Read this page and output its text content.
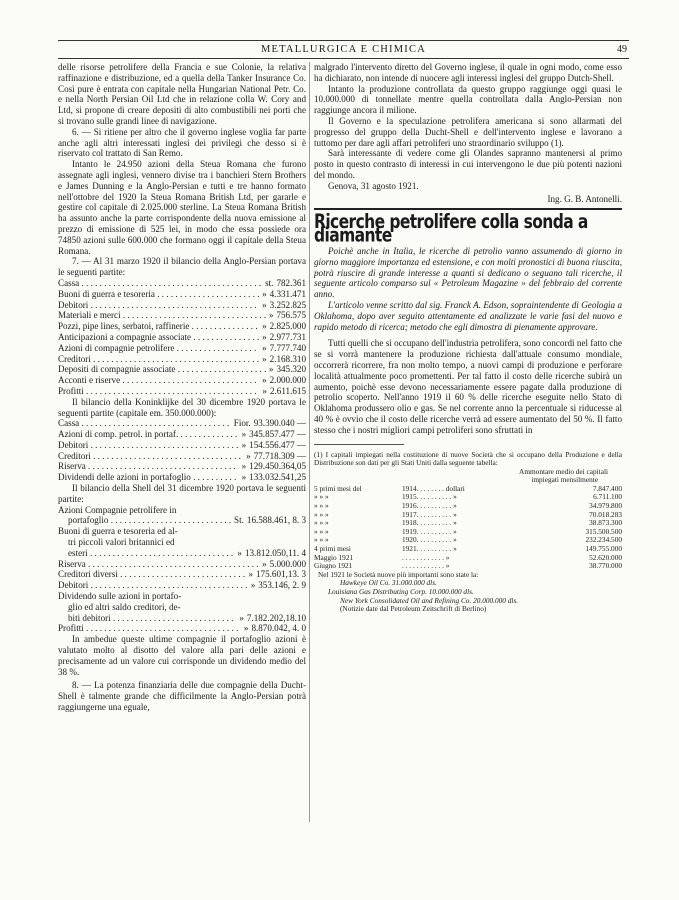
METALLURGICA E CHIMICA	49

delle risorse petrolifere della Francia e sue Colonie, la relativa raffinazione e distribuzione, ed a quella della Tanker Insurance Co. Così pure è entrata con capitale nella Hungarian National Petr. Co. e nella North Persian Oil Ltd che in relazione colla W. Cory and Ltd, si propone di creare depositi di alto combustibili nei porti che si trovano sulle grandi linee di navigazione.

6. — Si ritiene per altro che il governo inglese voglia far parte anche agli altri interessati inglesi dei privilegi che desso si è riservato col trattato di San Remo.

Intanto le 24.950 azioni della Steua Romana che furono assegnate agli inglesi, vennero divise tra i banchieri Stern Brothers e James Dunning e la Anglo-Persian e tutti e tre hanno formato nell'ottobre del 1920 la Steua Romana British Ltd, per gararle e gestire col capitale di 2.025.000 sterline. La Steua Romana British ha assunto anche la parte corrispondente della nuova emissione al prezzo di emissione di 525 lei, in modo che essa possiede ora 74850 azioni sulle 600.000 che formano oggi il capitale della Steua Romana.

7. — Al 31 marzo 1920 il bilancio della Anglo-Persian portava le seguenti partite:

Cassa . . .	st. 782.361
Buoni di guerra e tesoreria . . .	» 4.331.471
Debitori . . .	» 3.252.825
Materiali e merci . . .	» 756.575
Pozzi, pipe lines, serbatoi, raffinerie . . .	» 2.825.000
Anticipazioni a compagnie associate . . .	» 2.977.731
Azioni di compagnie petrolifere . . .	» 7.777.740
Creditori . . .	» 2.168.310
Depositi di compagnie associate . . .	» 345.320
Acconti e riserve . . .	» 2.000.000
Profitti . . .	» 2.611.615

Il bilancio della Koninklijke del 30 dicembre 1920 portava le seguenti partite (capitale em. 350.000.000):

Cassa . . .	Fior. 93.390.040 —
Azioni di comp. petrol. in portaf. . . .	» 345.857.477 —
Debitori . . .	» 154.556.477 —
Creditori . . .	» 77.718.309 —
Riserva . . .	» 129.450.364,05
Dividendi delle azioni in portafoglio . . .	» 133.032.541,25

Il bilancio della Shell del 31 dicembre 1920 portava le seguenti partite:

Azioni Compagnie petrolifere in
portafoglio . . .	St. 16.588.461, 8. 3
Buoni di guerra e tesoreria ed al-
tri piccoli valori britannici ed
esteri . . .	» 13.812.050,11. 4
Riserva . . .	» 5.000.000
Creditori diversi . . .	» 175.601,13. 3
Debitori . . .	» 353.146, 2. 9
Dividendo sulle azioni in portafo-
glio ed altri saldo creditori, de-
biti debitori . . .	» 7.182.202,18.10
Profitti . . .	» 8.870.042, 4. 0

In ambedue queste ultime compagnie il portafoglio azioni è valutato molto al disotto del valore alla pari delle azioni e precisamente ad un valore cui corrisponde un dividendo medio del 38 %.

8. — La potenza finanziaria delle due compagnie della Ducht-Shell è talmente grande che difficilmente la Anglo-Persian potrà raggiungerne una eguale,

malgrado l'intervento diretto del Governo inglese, il quale in ogni modo, come esso ha dichiarato, non intende di nuocere agli interessi inglesi del gruppo Dutch-Shell.

Intanto la produzione controllata da questo gruppo raggiunge oggi quasi le 10.000.000 di tonnellate mentre quella controllata dalla Anglo-Persian non raggiunge ancora il milione.

Il Governo e la speculazione petrolifera americana si sono allarmati del progresso del gruppo della Ducht-Shell e dell'intervento inglese e lavorano a tuttomo per dare agli affari petroliferi uno straordinario sviluppo (1).

Sarà interessante di vedere come gli Olandes sapranno mantenersi al primo posto in questo contrasto di interessi in cui intervengono le due più potenti nazioni del mondo.

Genova, 31 agosto 1921.

Ing. G. B. Antonelli.
Ricerche petrolifere colla sonda a diamante

Poichè anche in Italia, le ricerche di petrolio vanno assumendo di giorno in giorno maggiore importanza ed estensione, e con molti pronostici di buona riuscita, potrà riuscire di grande interesse a quanti si dedicano o seguano tali ricerche, il seguente articolo comparso sul « Petroleum Magazine » del febbraio del corrente anno.

L'articolo venne scritto dal sig. Franck A. Edson, sopraintendente di Geologia a Oklahoma, dopo aver seguito attentamente ed analizzate le varie fasi del nuovo e rapido metodo di ricerca; metodo che egli dimostra di pienamente approvare.

Tutti quelli che si occupano dell'industria petrolifera, sono concordi nel fatto che se si vorrà mantenere la produzione richiesta dall'attuale consumo mondiale, occorrerà ricorrere, fra non molto tempo, a nuovi campi di produzione e perforare località attualmente poco promettenti. Per tal fatto il costo delle ricerche subirà un aumento, poichè esse devono necessariamente essere pagate dalla produzione di petrolio scoperto. Nell'anno 1919 il 60 % delle ricerche eseguite nello Stato di Oklahoma produssero olio e gas. Se nel corrente anno la percentuale si riducesse al 40 % è ovvio che il costo delle ricerche verrà ad essere aumentato del 50 %. Il fatto stesso che i nostri migliori campi petroliferi sono sfruttati in

(1) I capitali impiegati nella costituzione di nuove Società che si occupano della Produzione e della Distribuzione son dati per gli Stati Uniti dalla seguente tabella:

Ammontare medio dei capitali
impiegati mensilmente
5 primi mesi del	1914. . . . . . . . dollari	7.847.400
» » »	1915. . . . . . . . . . »	6.711.100
» » »	1916. . . . . . . . . . »	34.979.800
» » »	1917. . . . . . . . . . »	70.018.283
» » »	1918. . . . . . . . . . »	38.873.300
» » »	1919. . . . . . . . . . »	315.500.500
» » »	1920. . . . . . . . . . »	232.234.500
4 primi mesi	1921. . . . . . . . . . »	149.755.000
Maggio 1921	. . . . . . . . . . . . »	52.620.000
Giugno 1921	. . . . . . . . . . . . »	38.770.000
Nel 1921 le Società nuove più importanti sono state la:
Hawkeye Oil Co. 31.000.000 dls.
Louisiana Gas Distributing Corp. 10.000.000 dls.
New York Consolidated Oil and Refining Co. 20.000.000 dls.
(Notizie date dal Petroleum Zeitschrift di Berlino)
